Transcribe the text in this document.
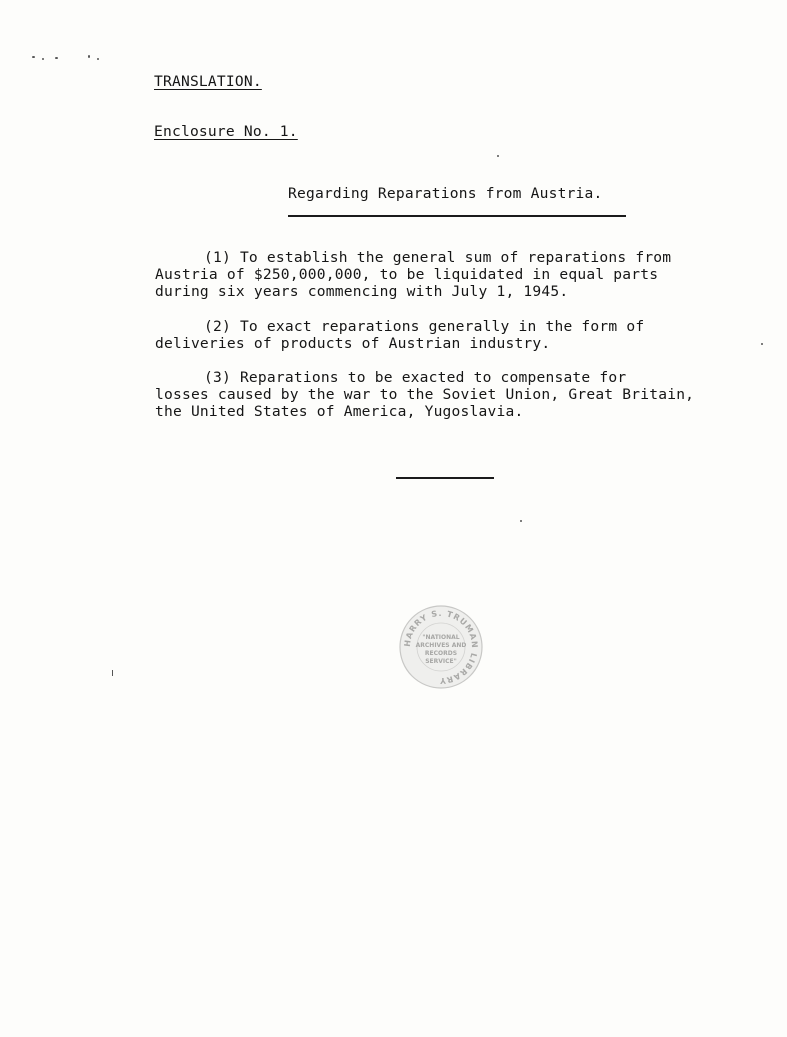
TRANSLATION.
Enclosure No. 1.
Regarding Reparations from Austria.
(1) To establish the general sum of reparations from
Austria of $250,000,000, to be liquidated in equal parts
during six years commencing with July 1, 1945.
(2) To exact reparations generally in the form of
deliveries of products of Austrian industry.
(3) Reparations to be exacted to compensate for
losses caused by the war to the Soviet Union, Great Britain,
the United States of America, Yugoslavia.
HARRY S. TRUMAN LIBRARY
"NATIONAL
ARCHIVES AND
RECORDS
SERVICE"
